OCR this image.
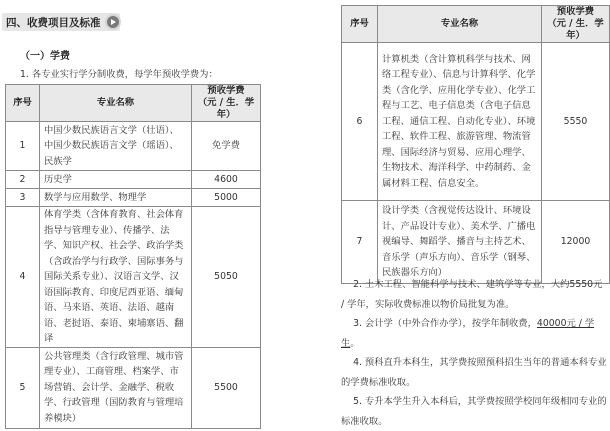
四、收费项目及标准
（一）学费
1. 各专业实行学分制收费，每学年预收学费为：
序号	专业名称	预收学费
（元 / 生．学年）

1	中国少数民族语言文学（壮语）、中国少数民族语言文学（瑶语）、民族学	免学费
2	历史学	4600
3	数学与应用数学、物理学	5000
4	体育学类（含体育教育、社会体育指导与管理专业）、传播学、法学、知识产权、社会学、政治学类（含政治学与行政学、国际事务与国际关系专业）、汉语言文学、汉语国际教育、印度尼西亚语、缅甸语、马来语、英语、法语、越南语、老挝语、泰语、柬埔寨语、翻译	5050
5	公共管理类（含行政管理、城市管理专业）、工商管理、档案学、市场营销、会计学、金融学、税收学、行政管理（国防教育与管理培养模块）	5500
序号	专业名称	预收学费
（元 / 生．学年）

6	计算机类（含计算机科学与技术、网络工程专业）、信息与计算科学、化学类（含化学、应用化学专业）、化学工程与工艺、电子信息类（含电子信息工程、通信工程、自动化专业）、环境工程、软件工程、旅游管理、物流管理、国际经济与贸易、应用心理学、生物技术、海洋科学、中药制药、金属材料工程、信息安全。	5550
7	设计学类（含视觉传达设计、环境设计、产品设计专业）、美术学、广播电视编导、舞蹈学、播音与主持艺术、音乐学（声乐方向）、音乐学（钢琴、民族器乐方向）	12000

2. 土木工程、智能科学与技术、建筑学等专业，大约5550元 / 学年，实际收费标准以物价局批复为准。

3. 会计学（中外合作办学），按学年制收费，40000元 / 学生。

4. 预科直升本科生，其学费按照预科招生当年的普通本科专业的学费标准收取。

5. 专升本学生升入本科后，其学费按照学校同年级相同专业的标准收取。
